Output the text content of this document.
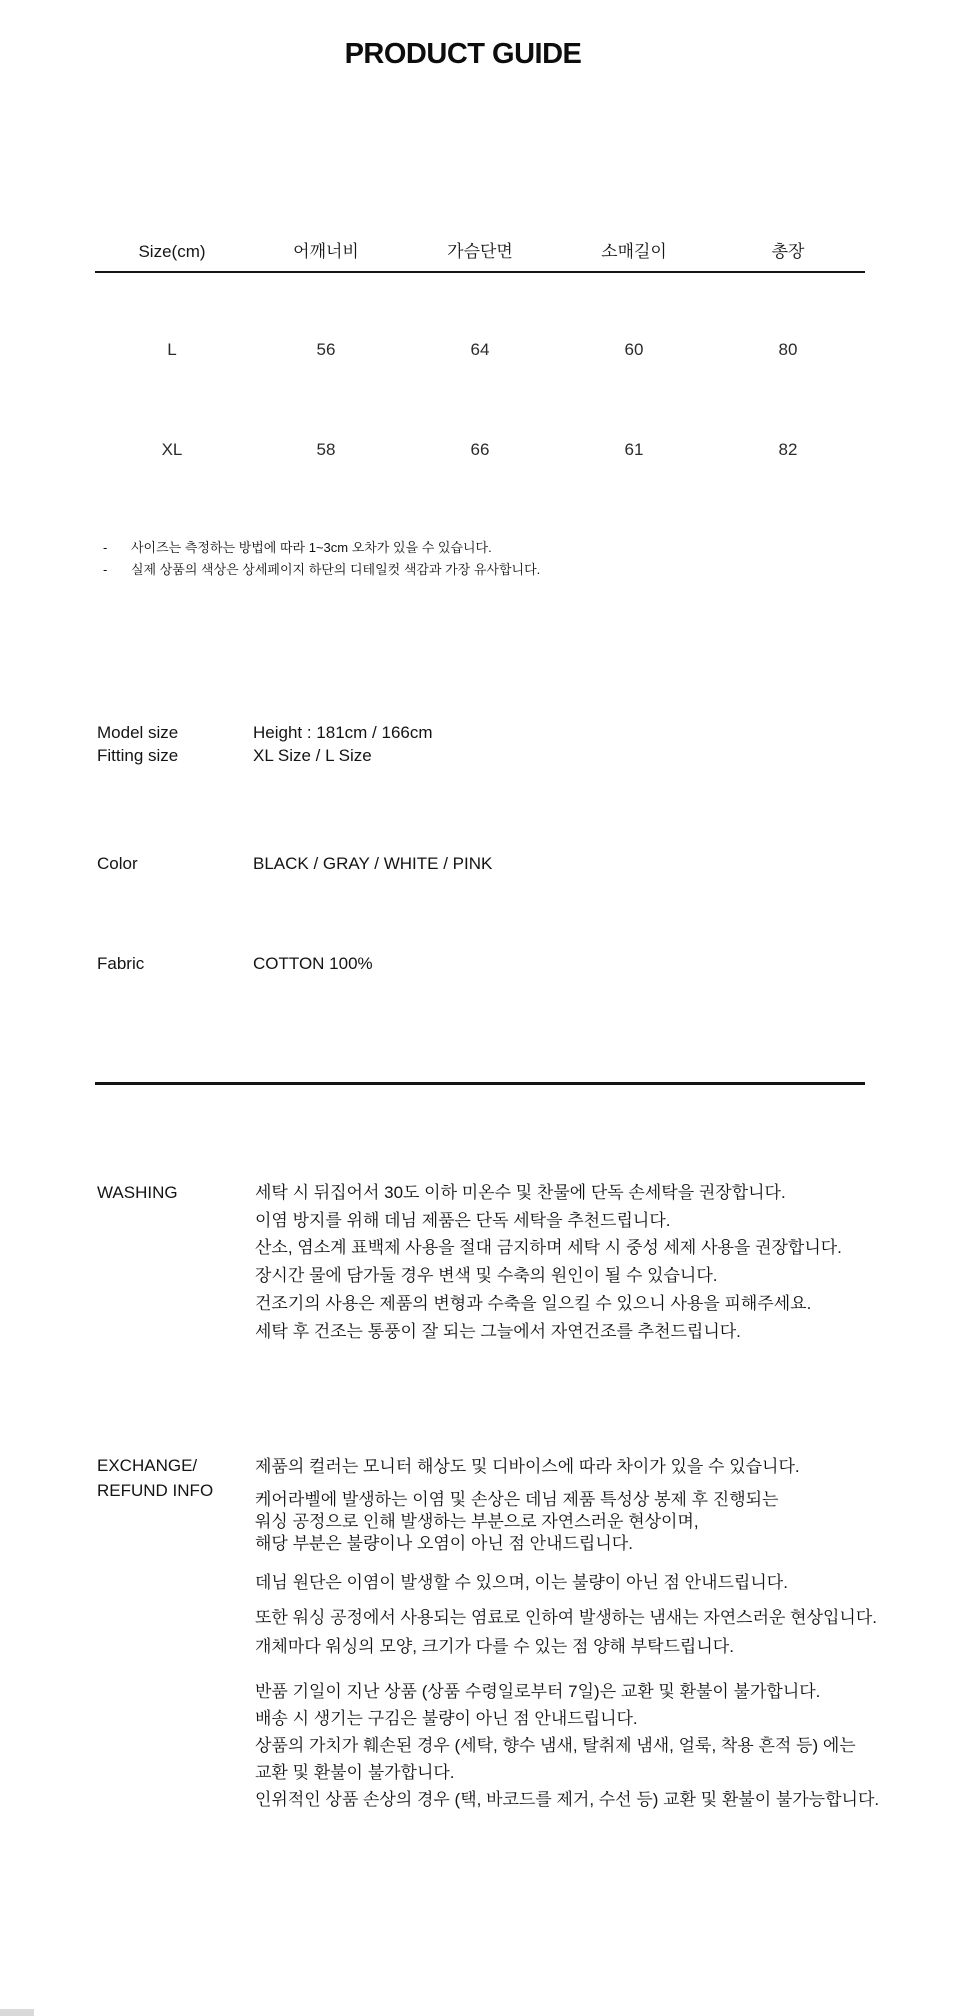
PRODUCT GUIDE
Size(cm)	어깨너비	가슴단면	소매길이	총장
L	56	64	60	80
XL	58	66	61	82
-	사이즈는 측정하는 방법에 따라 1~3cm 오차가 있을 수 있습니다.
-	실제 상품의 색상은 상세페이지 하단의 디테일컷 색감과 가장 유사합니다.
Model size	Height : 181cm / 166cm
Fitting size	XL Size / L Size
Color	BLACK / GRAY / WHITE / PINK
Fabric	COTTON 100%
WASHING	세탁 시 뒤집어서 30도 이하 미온수 및 찬물에 단독 손세탁을 권장합니다.
이염 방지를 위해 데님 제품은 단독 세탁을 추천드립니다.
산소, 염소계 표백제 사용을 절대 금지하며 세탁 시 중성 세제 사용을 권장합니다.
장시간 물에 담가둘 경우 변색 및 수축의 원인이 될 수 있습니다.
건조기의 사용은 제품의 변형과 수축을 일으킬 수 있으니 사용을 피해주세요.
세탁 후 건조는 통풍이 잘 되는 그늘에서 자연건조를 추천드립니다.
EXCHANGE/
REFUND INFO
제품의 컬러는 모니터 해상도 및 디바이스에 따라 차이가 있을 수 있습니다.
케어라벨에 발생하는 이염 및 손상은 데님 제품 특성상 봉제 후 진행되는
워싱 공정으로 인해 발생하는 부분으로 자연스러운 현상이며,
해당 부분은 불량이나 오염이 아닌 점 안내드립니다.
데님 원단은 이염이 발생할 수 있으며, 이는 불량이 아닌 점 안내드립니다.
또한 워싱 공정에서 사용되는 염료로 인하여 발생하는 냄새는 자연스러운 현상입니다.
개체마다 워싱의 모양, 크기가 다를 수 있는 점 양해 부탁드립니다.
반품 기일이 지난 상품 (상품 수령일로부터 7일)은 교환 및 환불이 불가합니다.
배송 시 생기는 구김은 불량이 아닌 점 안내드립니다.
상품의 가치가 훼손된 경우 (세탁, 향수 냄새, 탈취제 냄새, 얼룩, 착용 흔적 등) 에는
교환 및 환불이 불가합니다.
인위적인 상품 손상의 경우 (택, 바코드를 제거, 수선 등) 교환 및 환불이 불가능합니다.
